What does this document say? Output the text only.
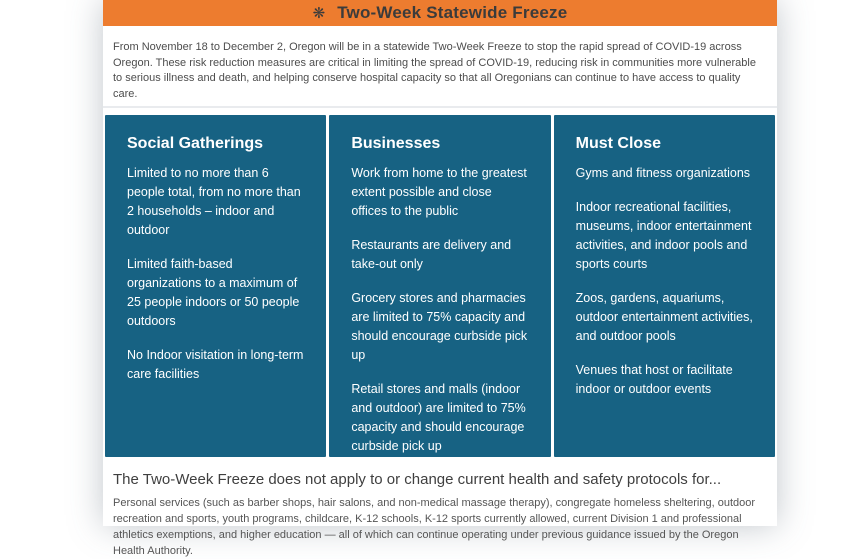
❋ Two-Week Statewide Freeze

From November 18 to December 2, Oregon will be in a statewide Two-Week Freeze to stop the rapid spread of COVID-19 across Oregon. These risk reduction measures are critical in limiting the spread of COVID-19, reducing risk in communities more vulnerable to serious illness and death, and helping conserve hospital capacity so that all Oregonians can continue to have access to quality care.

Social Gatherings

Limited to no more than 6 people total, from no more than 2 households – indoor and outdoor

Limited faith-based organizations to a maximum of 25 people indoors or 50 people outdoors

No Indoor visitation in long-term care facilities

Businesses

Work from home to the greatest extent possible and close offices to the public

Restaurants are delivery and take-out only

Grocery stores and pharmacies are limited to 75% capacity and should encourage curbside pick up

Retail stores and malls (indoor and outdoor) are limited to 75% capacity and should encourage curbside pick up

Must Close

Gyms and fitness organizations

Indoor recreational facilities, museums, indoor entertainment activities, and indoor pools and sports courts

Zoos, gardens, aquariums, outdoor entertainment activities, and outdoor pools

Venues that host or facilitate indoor or outdoor events

The Two-Week Freeze does not apply to or change current health and safety protocols for...

Personal services (such as barber shops, hair salons, and non-medical massage therapy), congregate homeless sheltering, outdoor recreation and sports, youth programs, childcare, K-12 schools, K-12 sports currently allowed, current Division 1 and professional athletics exemptions, and higher education — all of which can continue operating under previous guidance issued by the Oregon Health Authority.
